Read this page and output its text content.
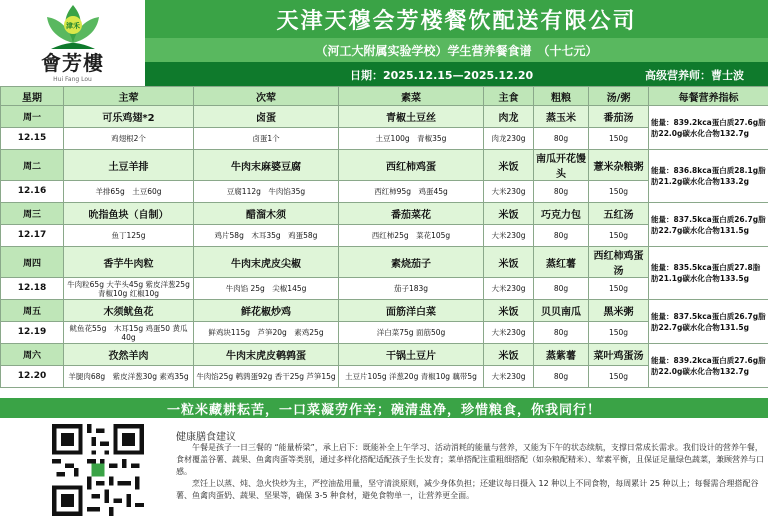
津禾
會芳樓
Hui Fang Lou
天津天穆会芳楼餐饮配送有限公司
（河工大附属实验学校）学生营养餐食谱　（十七元）
日期：2025.12.15—2025.12.20	高级营养师：曹士波
星期	主荤	次荤	素菜	主食	粗粮	汤/粥	每餐营养指标
周一	可乐鸡翅*2	卤蛋	青椒土豆丝	肉龙	蒸玉米	番茄汤	能量：839.2kca蛋白质27.6g脂肪22.0g碳水化合物132.7g
12.15	鸡翅根2个	卤蛋1个	土豆100g　青椒35g	肉龙230g	80g	150g	
周二	土豆羊排	牛肉末麻婆豆腐	西红柿鸡蛋	米饭	南瓜开花馒头	薏米杂粮粥	能量：836.8kca蛋白质28.1g脂肪21.2g碳水化合物133.2g
12.16	羊排65g　土豆60g	豆腐112g　牛肉馅35g	西红柿95g　鸡蛋45g	大米230g	80g	150g	
周三	吮指鱼块（自制）	醋溜木须	番茄菜花	米饭	巧克力包	五红汤	能量：837.5kca蛋白质26.7g脂肪22.7g碳水化合物131.5g
12.17	鱼丁125g	鸡片58g　木耳35g　鸡蛋58g	西红柿25g　菜花105g	大米230g	80g	150g	
周四	香芋牛肉粒	牛肉末虎皮尖椒	素烧茄子	米饭	蒸红薯	西红柿鸡蛋汤	能量：835.5kca蛋白质27.8脂肪21.1g碳水化合物133.5g
12.18	牛肉粒65g 大芋头45g 紫皮洋葱25g 青椒10g 红椒10g	牛肉馅 25g　尖椒145g	茄子183g	大米230g	80g	150g	
周五	木须鱿鱼花	鲜花椒炒鸡	面筋洋白菜	米饭	贝贝南瓜	黑米粥	能量：837.5kca蛋白质26.7g脂肪22.7g碳水化合物131.5g
12.19	鱿鱼花55g　木耳15g 鸡蛋50 黄瓜 40g	鲜鸡块115g　芦笋20g　素鸡25g	洋白菜75g 面筋50g	大米230g	80g	150g	
周六	孜然羊肉	牛肉末虎皮鹌鹑蛋	干锅土豆片	米饭	蒸紫薯	菜叶鸡蛋汤	能量：839.2kca蛋白质27.6g脂肪22.0g碳水化合物132.7g
12.20	羊腿肉68g　紫皮洋葱30g 素鸡35g	牛肉馅25g 鹌鹑蛋92g 香干25g 芦笋15g	土豆片105g 洋葱20g 青椒10g 藕带5g	大米230g	80g	150g	
一粒米藏耕耘苦，一口菜凝劳作辛；碗清盘净，珍惜粮食，你我同行！
健康膳食建议

午餐是孩子一日三餐的 “能量桥梁”，承上启下：既能补全上午学习、活动消耗的能量与营养，又能为下午的状态续航，支撑日常成长需求。我们设计的营养午餐，食材覆盖谷薯、蔬果、鱼禽肉蛋等类别，通过多样化搭配适配孩子生长发育；菜单搭配注重粗细搭配（如杂粮配精米）、荤素平衡，且保证足量绿色蔬菜，兼顾营养与口感。

烹饪上以蒸、炖、急火快炒为主，严控油盐用量，坚守清淡原则，减少身体负担；还建议每日摄入 12 种以上不同食物，每周累计 25 种以上；每餐需合理搭配谷薯、鱼禽肉蛋奶、蔬果、坚果等，确保 3-5 种食材，避免食物单一，让营养更全面。
